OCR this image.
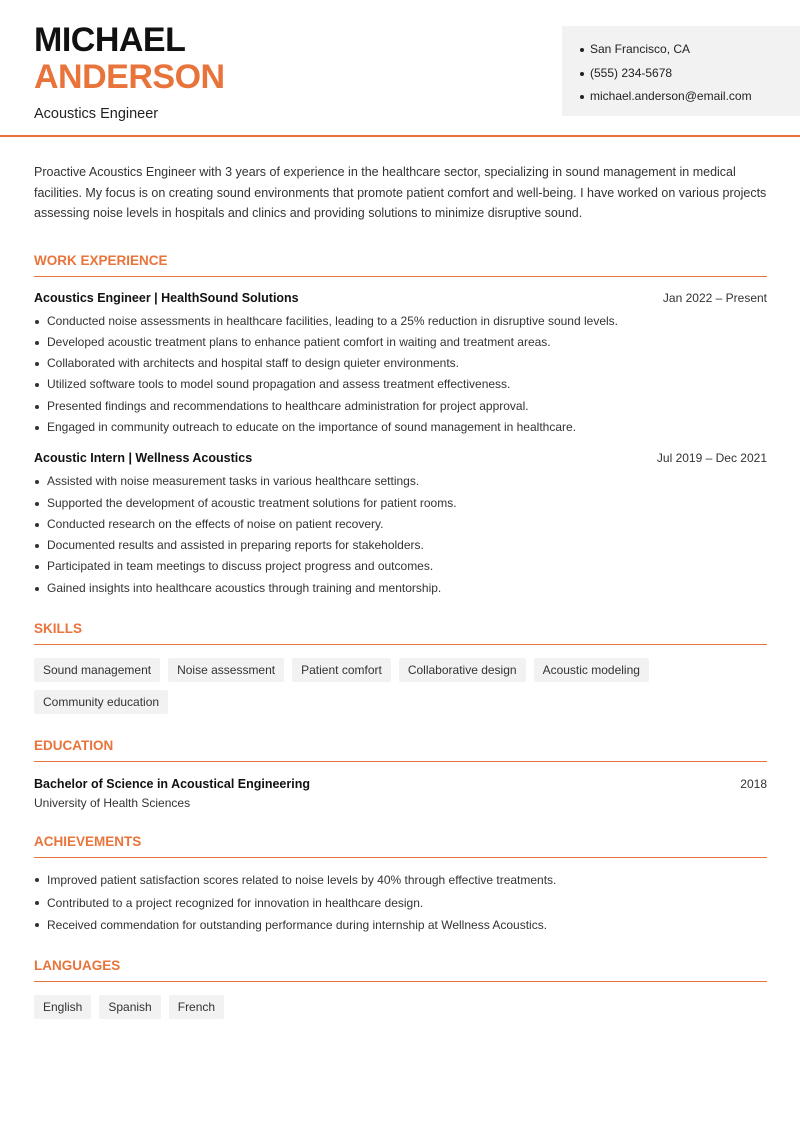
MICHAEL
ANDERSON
Acoustics Engineer
San Francisco, CA
(555) 234-5678
michael.anderson@email.com

Proactive Acoustics Engineer with 3 years of experience in the healthcare sector, specializing in sound management in medical facilities. My focus is on creating sound environments that promote patient comfort and well-being. I have worked on various projects assessing noise levels in hospitals and clinics and providing solutions to minimize disruptive sound.

WORK EXPERIENCE
Acoustics Engineer | HealthSound Solutions	Jan 2022 – Present
Conducted noise assessments in healthcare facilities, leading to a 25% reduction in disruptive sound levels.
Developed acoustic treatment plans to enhance patient comfort in waiting and treatment areas.
Collaborated with architects and hospital staff to design quieter environments.
Utilized software tools to model sound propagation and assess treatment effectiveness.
Presented findings and recommendations to healthcare administration for project approval.
Engaged in community outreach to educate on the importance of sound management in healthcare.
Acoustic Intern | Wellness Acoustics	Jul 2019 – Dec 2021
Assisted with noise measurement tasks in various healthcare settings.
Supported the development of acoustic treatment solutions for patient rooms.
Conducted research on the effects of noise on patient recovery.
Documented results and assisted in preparing reports for stakeholders.
Participated in team meetings to discuss project progress and outcomes.
Gained insights into healthcare acoustics through training and mentorship.
SKILLS
Sound management	Noise assessment	Patient comfort	Collaborative design	Acoustic modeling
Community education
EDUCATION
Bachelor of Science in Acoustical Engineering	2018
University of Health Sciences
ACHIEVEMENTS
Improved patient satisfaction scores related to noise levels by 40% through effective treatments.
Contributed to a project recognized for innovation in healthcare design.
Received commendation for outstanding performance during internship at Wellness Acoustics.
LANGUAGES
English	Spanish	French
